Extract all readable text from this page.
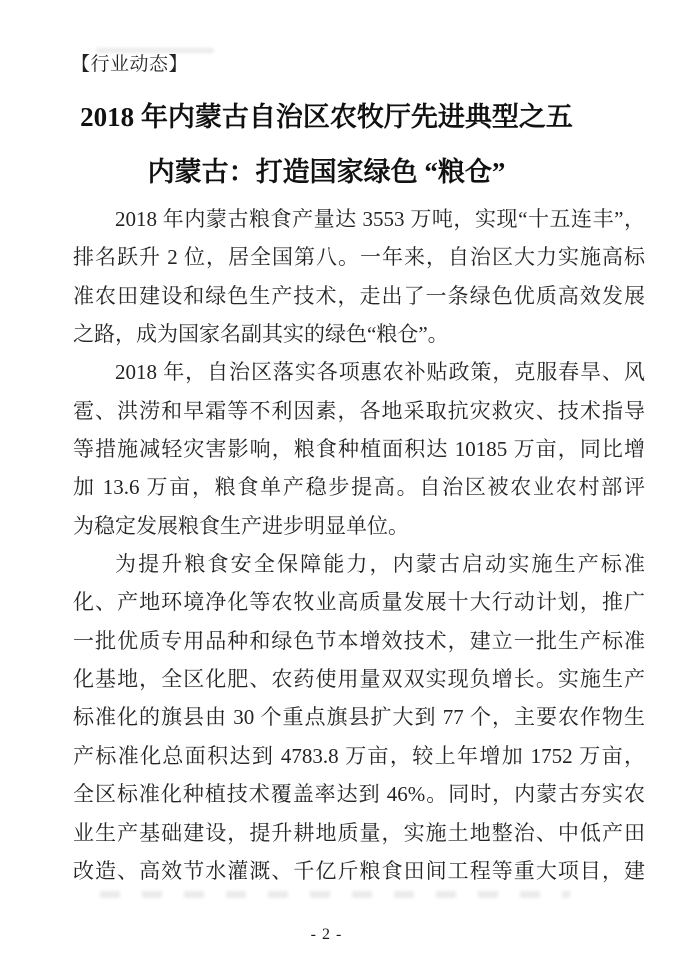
【行业动态】
2018 年内蒙古自治区农牧厅先进典型之五
内蒙古：打造国家绿色 “粮仓”
2018 年内蒙古粮食产量达 3553 万吨，实现“十五连丰”，
排名跃升 2 位，居全国第八。一年来，自治区大力实施高标
准农田建设和绿色生产技术，走出了一条绿色优质高效发展
之路，成为国家名副其实的绿色“粮仓”。
2018 年，自治区落实各项惠农补贴政策，克服春旱、风
雹、洪涝和早霜等不利因素，各地采取抗灾救灾、技术指导
等措施减轻灾害影响，粮食种植面积达 10185 万亩，同比增
加 13.6 万亩，粮食单产稳步提高。自治区被农业农村部评
为稳定发展粮食生产进步明显单位。
为提升粮食安全保障能力，内蒙古启动实施生产标准
化、产地环境净化等农牧业高质量发展十大行动计划，推广
一批优质专用品种和绿色节本增效技术，建立一批生产标准
化基地，全区化肥、农药使用量双双实现负增长。实施生产
标准化的旗县由 30 个重点旗县扩大到 77 个，主要农作物生
产标准化总面积达到 4783.8 万亩，较上年增加 1752 万亩，
全区标准化种植技术覆盖率达到 46%。同时，内蒙古夯实农
业生产基础建设，提升耕地质量，实施土地整治、中低产田
改造、高效节水灌溉、千亿斤粮食田间工程等重大项目，建
- 2 -
